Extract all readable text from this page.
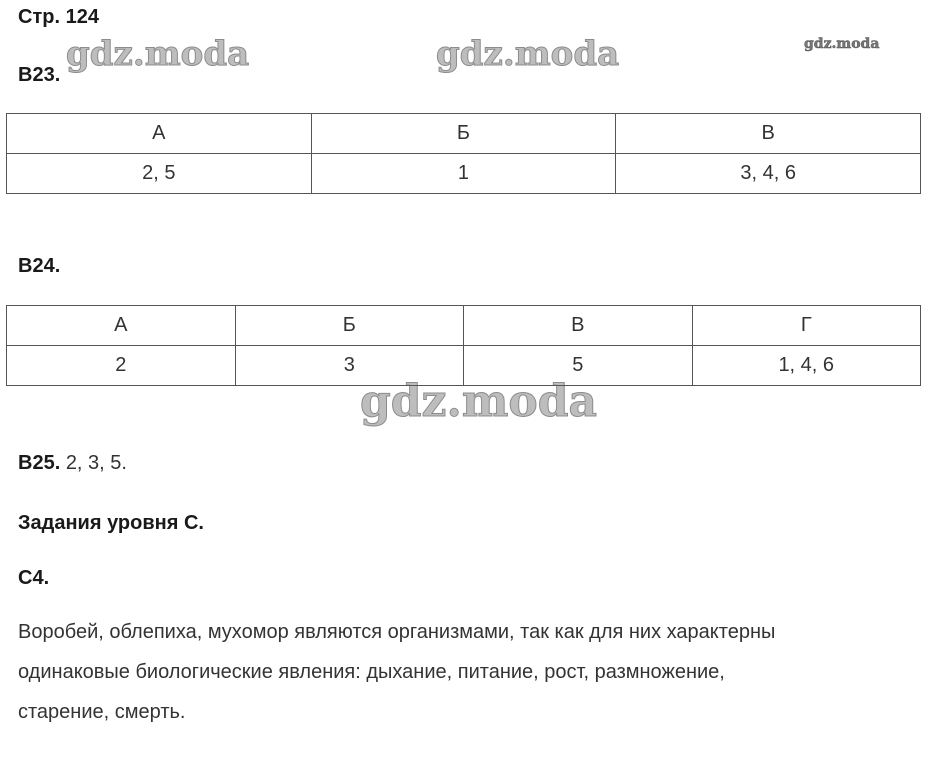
Стр. 124
gdz.moda	gdz.moda	gdz.moda
gdz.moda
В23.
А	Б	В
2, 5	1	3, 4, 6
В24.
А	Б	В	Г
2	3	5	1, 4, 6
В25. 2, 3, 5.
Задания уровня С.
С4.
Воробей, облепиха, мухомор являются организмами, так как для них характерны
одинаковые биологические явления: дыхание, питание, рост, размножение,
старение, смерть.
